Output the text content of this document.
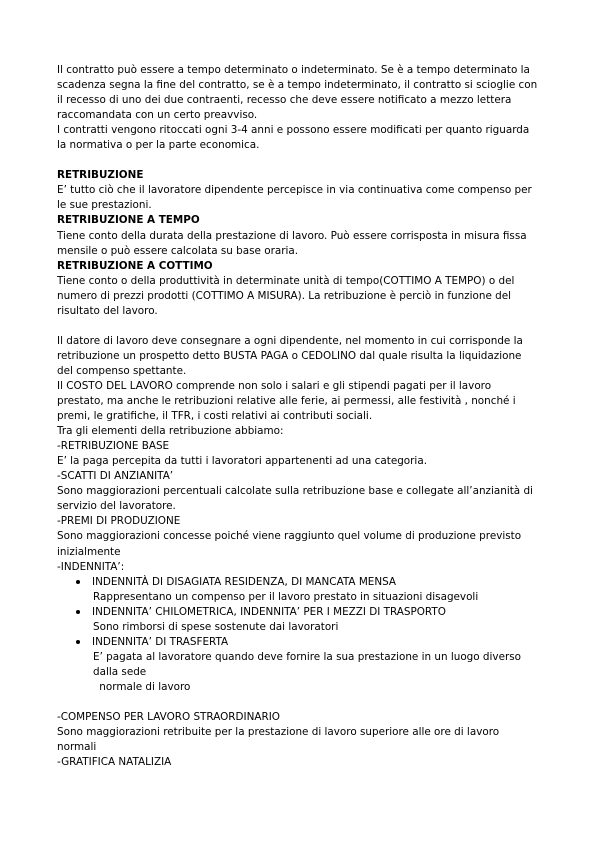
Il contratto può essere a tempo determinato o indeterminato. Se è a tempo determinato la scadenza segna la fine del contratto, se è a tempo indeterminato, il contratto si scioglie con il recesso di uno dei due contraenti, recesso che deve essere notificato a mezzo lettera raccomandata con un certo preavviso.

I contratti vengono ritoccati ogni 3-4 anni e possono essere modificati per quanto riguarda la normativa o per la parte economica.

RETRIBUZIONE

E’ tutto ciò che il lavoratore dipendente percepisce in via continuativa come compenso per le sue prestazioni.

RETRIBUZIONE A TEMPO

Tiene conto della durata della prestazione di lavoro. Può essere corrisposta in misura fissa mensile o può essere calcolata su base oraria.

RETRIBUZIONE A COTTIMO

Tiene conto o della produttività in determinate unità di tempo(COTTIMO A TEMPO) o del numero di prezzi prodotti (COTTIMO A MISURA). La retribuzione è perciò in funzione del risultato del lavoro.

Il datore di lavoro deve consegnare a ogni dipendente, nel momento in cui corrisponde la retribuzione un prospetto detto BUSTA PAGA o CEDOLINO dal quale risulta la liquidazione del compenso spettante.

Il COSTO DEL LAVORO comprende non solo i salari e gli stipendi pagati per il lavoro prestato, ma anche le retribuzioni relative alle ferie, ai permessi, alle festività , nonché i premi, le gratifiche, il TFR, i costi relativi ai contributi sociali.

Tra gli elementi della retribuzione abbiamo:

-RETRIBUZIONE BASE

E’ la paga percepita da tutti i lavoratori appartenenti ad una categoria.

-SCATTI DI ANZIANITA’

Sono maggiorazioni percentuali calcolate sulla retribuzione base e collegate all’anzianità di servizio del lavoratore.

-PREMI DI PRODUZIONE

Sono maggiorazioni concesse poiché viene raggiunto quel volume di produzione previsto inizialmente

-INDENNITA’:

INDENNITÀ DI DISAGIATA RESIDENZA, DI MANCATA MENSA
Rappresentano un compenso per il lavoro prestato in situazioni disagevoli
INDENNITA’ CHILOMETRICA, INDENNITA’ PER I MEZZI DI TRASPORTO
Sono rimborsi di spese sostenute dai lavoratori
INDENNITA’ DI TRASFERTA
E’ pagata al lavoratore quando deve fornire la sua prestazione in un luogo diverso dalla sede

normale di lavoro

-COMPENSO PER LAVORO STRAORDINARIO

Sono maggiorazioni retribuite per la prestazione di lavoro superiore alle ore di lavoro normali

-GRATIFICA NATALIZIA
